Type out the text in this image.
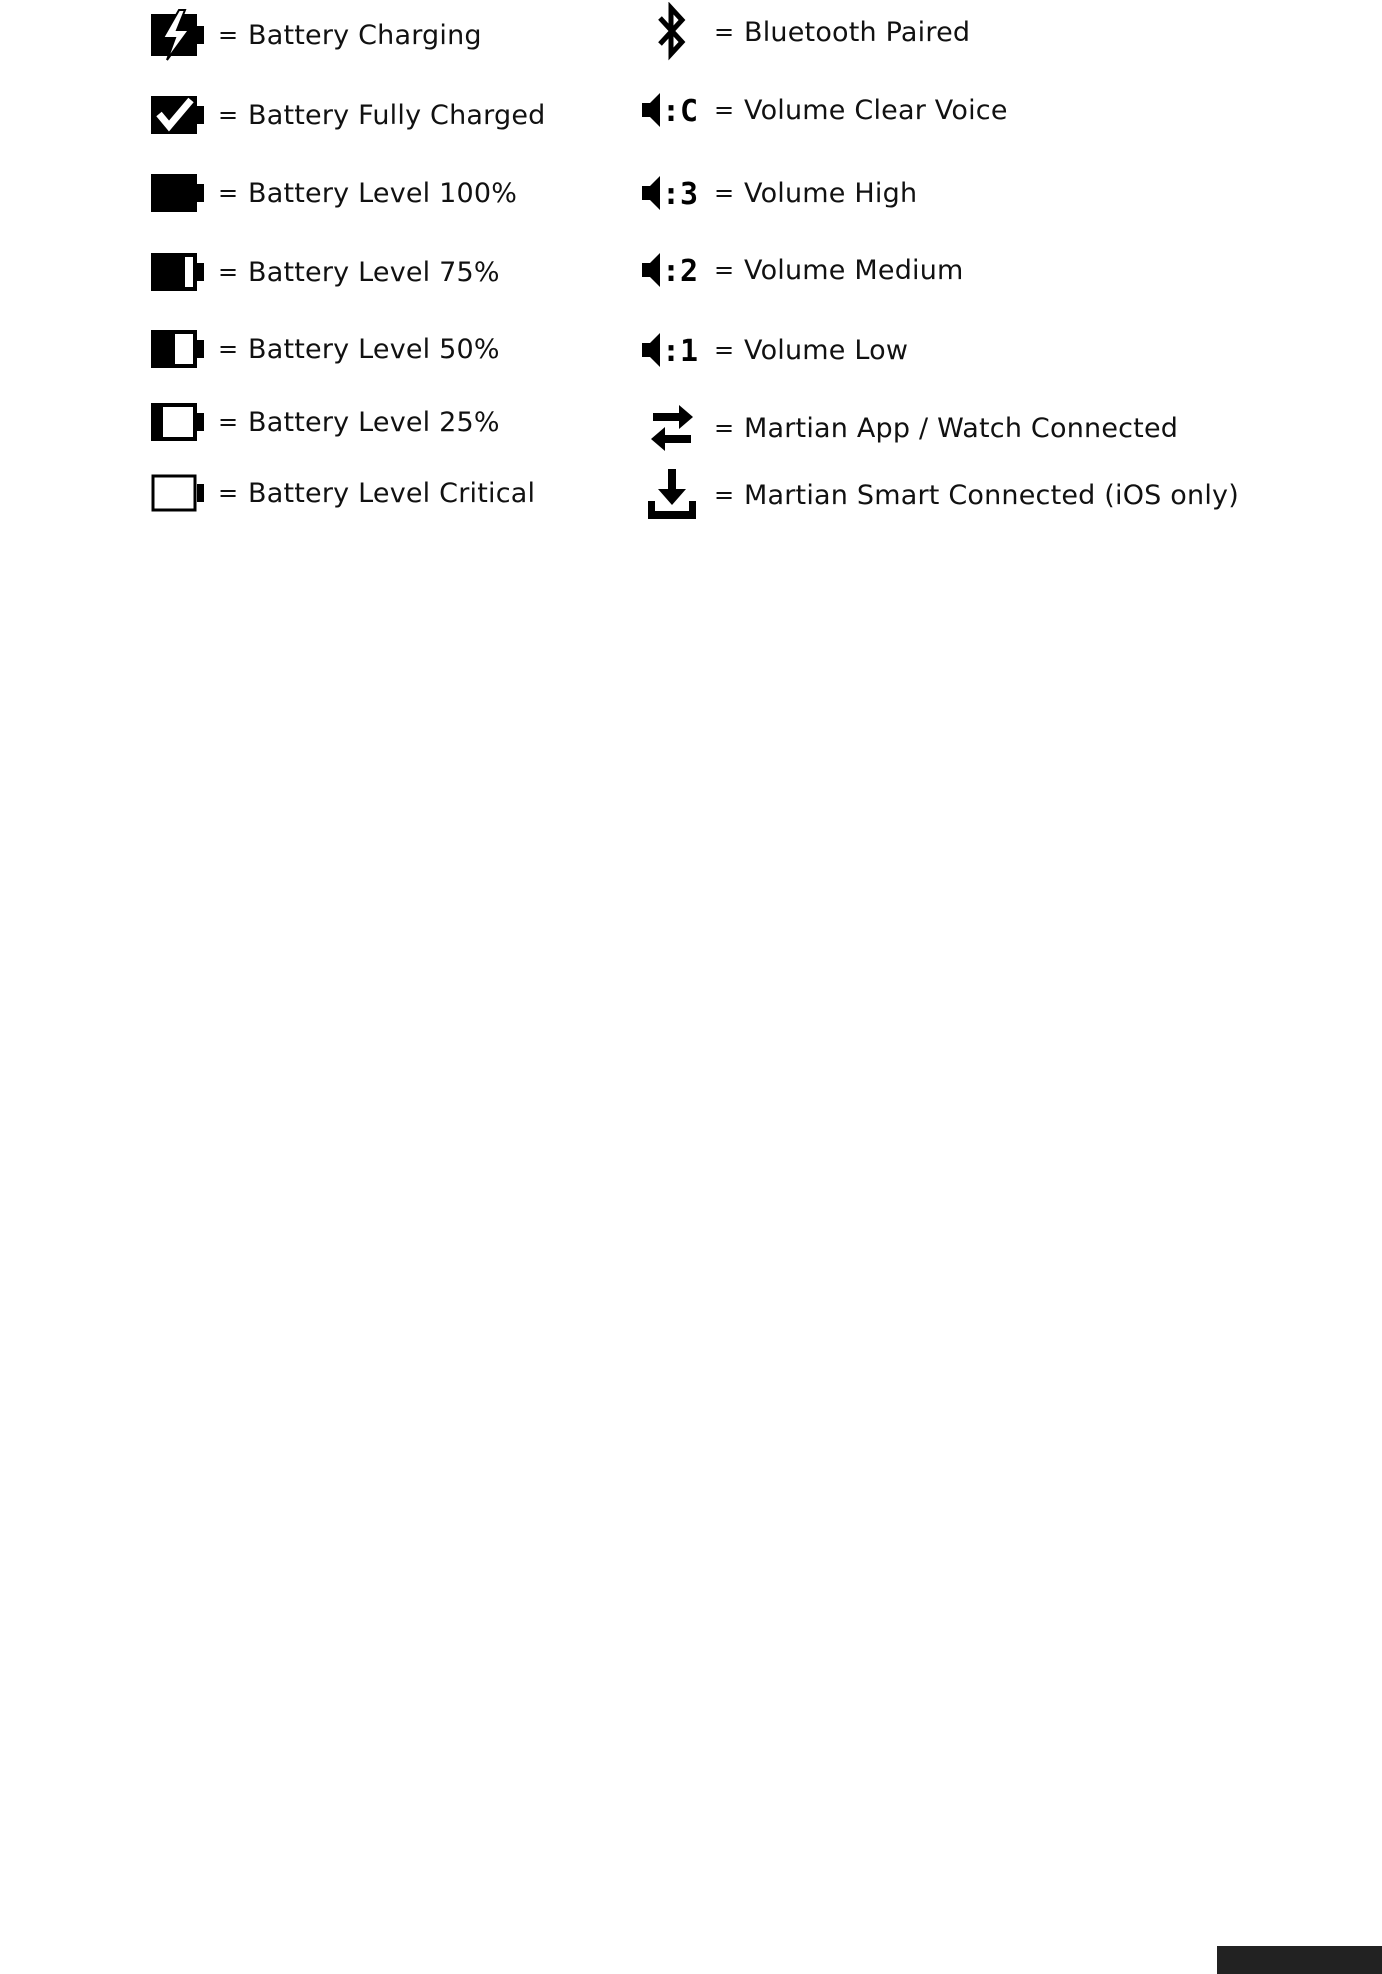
= Battery Charging
= Battery Fully Charged
= Battery Level 100%
= Battery Level 75%
= Battery Level 50%
= Battery Level 25%
= Battery Level Critical
= Bluetooth Paired
:C = Volume Clear Voice
:3 = Volume High
:2 = Volume Medium
:1 = Volume Low
= Martian App / Watch Connected
= Martian Smart Connected (iOS only)
